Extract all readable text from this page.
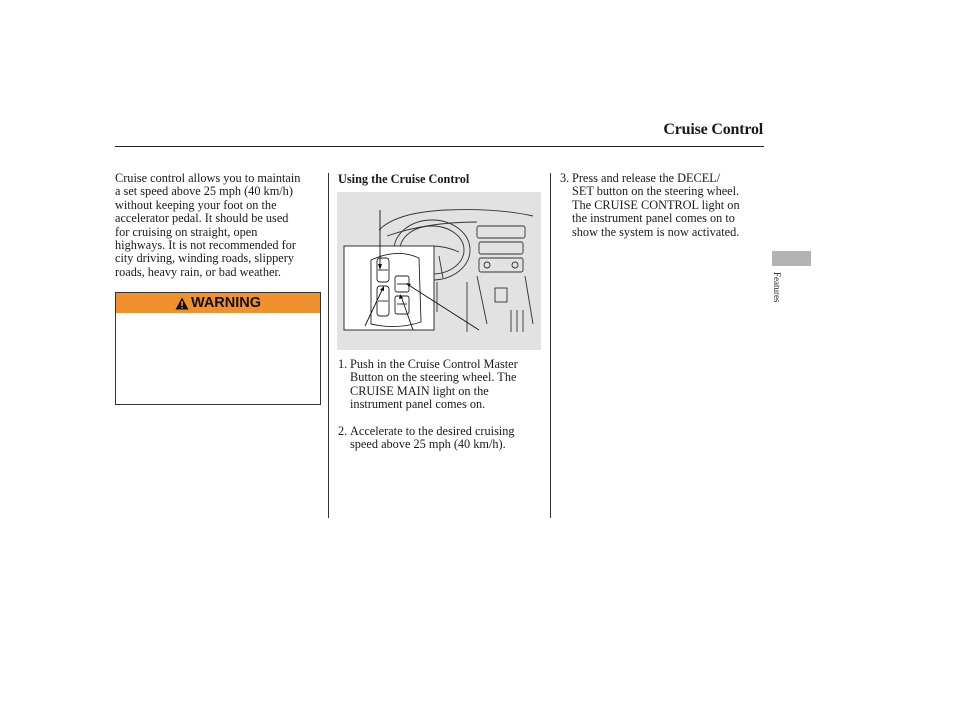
Cruise Control
Cruise control allows you to maintain
a set speed above 25 mph (40 km/h)
without keeping your foot on the
accelerator pedal. It should be used
for cruising on straight, open
highways. It is not recommended for
city driving, winding roads, slippery
roads, heavy rain, or bad weather.
WARNING
Using the Cruise Control
1. Push in the Cruise Control Master
Button on the steering wheel. The
CRUISE MAIN light on the
instrument panel comes on.
2. Accelerate to the desired cruising
speed above 25 mph (40 km/h).
3. Press and release the DECEL/
SET button on the steering wheel.
The CRUISE CONTROL light on
the instrument panel comes on to
show the system is now activated.
Features
